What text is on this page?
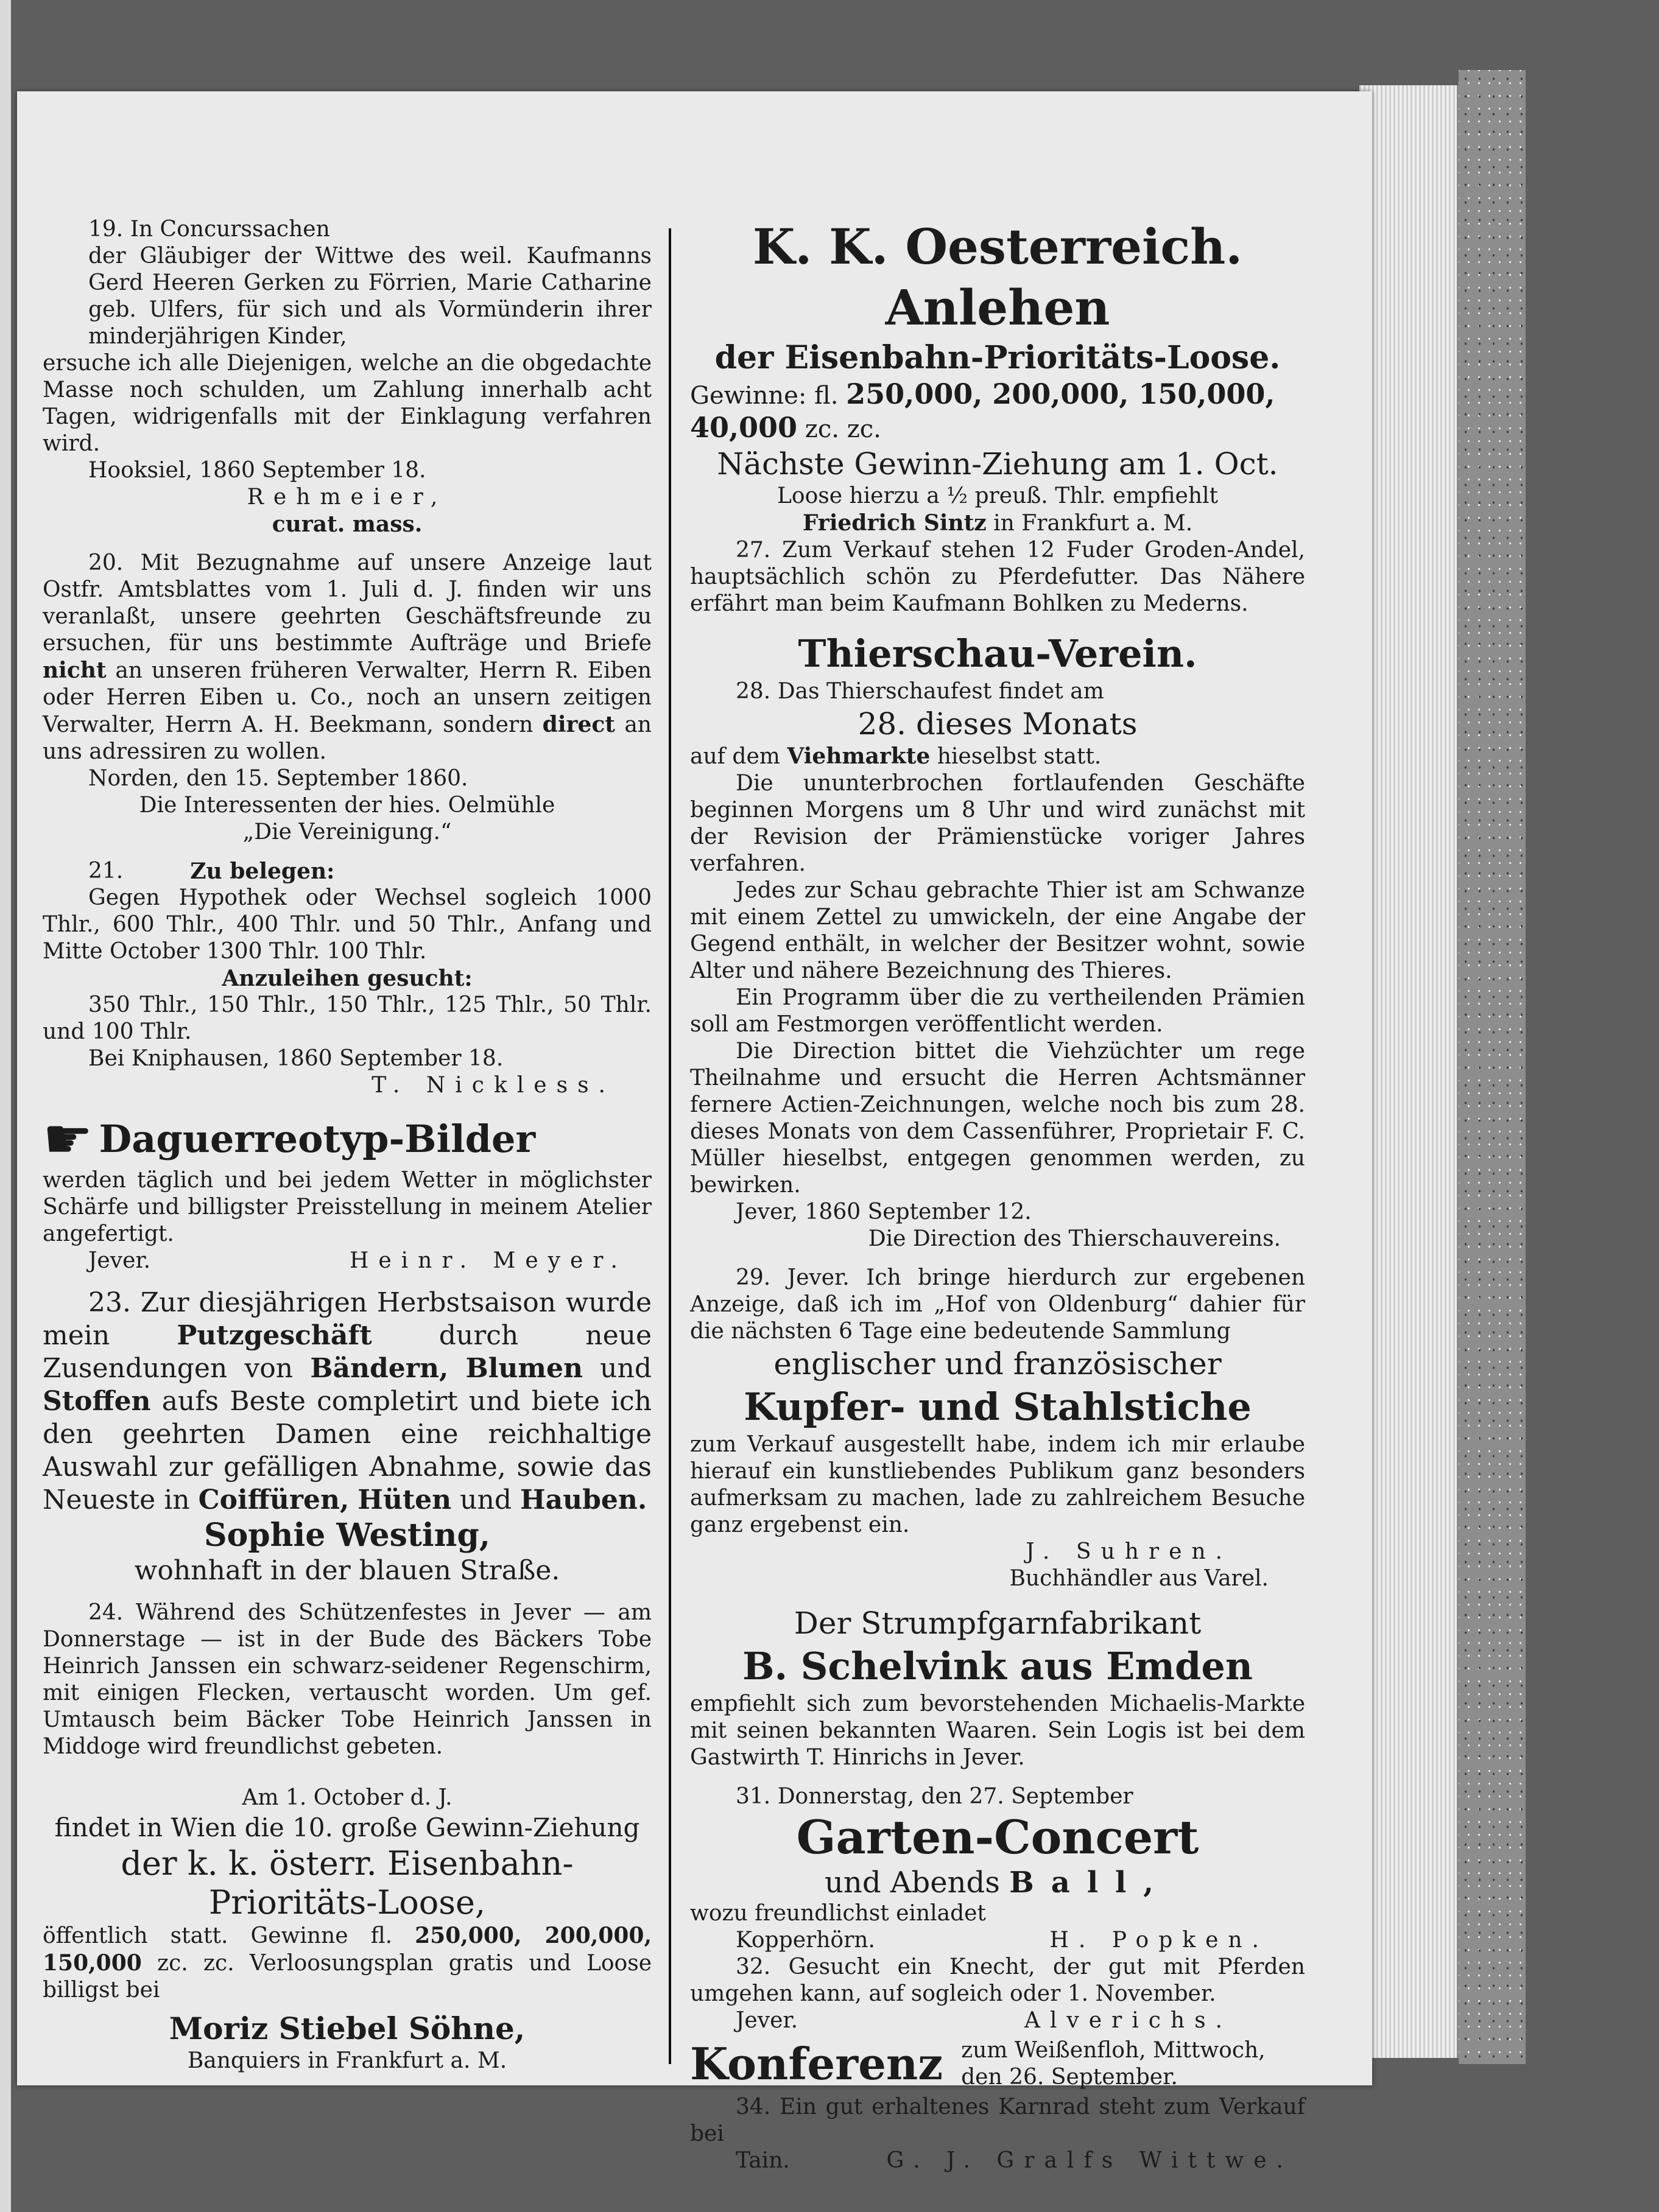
19. In Concurssachen

der Gläubiger der Wittwe des weil. Kaufmanns Gerd Heeren Gerken zu Förrien, Marie Catharine geb. Ulfers, für sich und als Vormünderin ihrer minderjährigen Kinder,

ersuche ich alle Diejenigen, welche an die obgedachte Masse noch schulden, um Zahlung innerhalb acht Tagen, widrigenfalls mit der Einklagung verfahren wird.

Hooksiel, 1860 September 18.

Rehmeier,

curat. mass.

20. Mit Bezugnahme auf unsere Anzeige laut Ostfr. Amtsblattes vom 1. Juli d. J. finden wir uns veranlaßt, unsere geehrten Geschäftsfreunde zu ersuchen, für uns bestimmte Aufträge und Briefe nicht an unseren früheren Verwalter, Herrn R. Eiben oder Herren Eiben u. Co., noch an unsern zeitigen Verwalter, Herrn A. H. Beekmann, sondern direct an uns adressiren zu wollen.

Norden, den 15. September 1860.

Die Interessenten der hies. Oelmühle

„Die Vereinigung.“

21.	Zu belegen:

Gegen Hypothek oder Wechsel sogleich 1000 Thlr., 600 Thlr., 400 Thlr. und 50 Thlr., Anfang und Mitte October 1300 Thlr. 100 Thlr.

Anzuleihen gesucht:

350 Thlr., 150 Thlr., 150 Thlr., 125 Thlr., 50 Thlr. und 100 Thlr.

Bei Kniphausen, 1860 September 18.

T. Nickless.

☛ Daguerreotyp-Bilder

werden täglich und bei jedem Wetter in möglichster Schärfe und billigster Preisstellung in meinem Atelier angefertigt.

Jever.	Heinr. Meyer.

23. Zur diesjährigen Herbstsaison wurde mein	Putzgeschäft	durch neue Zusendungen von Bändern, Blumen und Stoffen aufs Beste completirt und biete ich den geehrten Damen eine reichhaltige Auswahl zur gefälligen Abnahme, sowie das Neueste in Coiffüren, Hüten und Hauben.

Sophie Westing,

wohnhaft in der blauen Straße.

24. Während des Schützenfestes in Jever — am Donnerstage — ist in der Bude des Bäckers Tobe Heinrich Janssen ein schwarz-seidener Regenschirm, mit einigen Flecken, vertauscht worden. Um gef. Umtausch beim Bäcker Tobe Heinrich Janssen in Middoge wird freundlichst gebeten.

Am 1. October d. J.

findet in Wien die 10. große Gewinn-Ziehung

der k. k. österr. Eisenbahn-Prioritäts-Loose,

öffentlich statt. Gewinne fl. 250,000, 200,000, 150,000 zc. zc. Verloosungsplan gratis und Loose billigst bei

Moriz Stiebel Söhne,

Banquiers in Frankfurt a. M.

K. K. Oesterreich. Anlehen

der Eisenbahn-Prioritäts-Loose.

Gewinne: fl. 250,000, 200,000, 150,000, 40,000 zc. zc.

Nächste Gewinn-Ziehung am 1. Oct.

Loose hierzu a ½ preuß. Thlr. empfiehlt

Friedrich Sintz in Frankfurt a. M.

27. Zum Verkauf stehen 12 Fuder Groden-Andel, hauptsächlich schön zu Pferdefutter. Das Nähere erfährt man beim Kaufmann Bohlken zu Mederns.

Thierschau-Verein.

28. Das Thierschaufest findet am

28. dieses Monats

auf dem Viehmarkte hieselbst statt.

Die ununterbrochen fortlaufenden Geschäfte beginnen Morgens um 8 Uhr und wird zunächst mit der Revision der Prämienstücke voriger Jahres verfahren.

Jedes zur Schau gebrachte Thier ist am Schwanze mit einem Zettel zu umwickeln, der eine Angabe der Gegend enthält, in welcher der Besitzer wohnt, sowie Alter und nähere Bezeichnung des Thieres.

Ein Programm über die zu vertheilenden Prämien soll am Festmorgen veröffentlicht werden.

Die Direction bittet die Viehzüchter um rege Theilnahme und ersucht die Herren Achtsmänner fernere Actien-Zeichnungen, welche noch bis zum 28. dieses Monats von dem Cassenführer, Proprietair F. C. Müller hieselbst, entgegen genommen werden, zu bewirken.

Jever, 1860 September 12.

Die Direction des Thierschauvereins.

29. Jever. Ich bringe hierdurch zur ergebenen Anzeige, daß ich im „Hof von Oldenburg“ dahier für die nächsten 6 Tage eine bedeutende Sammlung

englischer und französischer

Kupfer- und Stahlstiche

zum Verkauf ausgestellt habe, indem ich mir erlaube hierauf ein kunstliebendes Publikum ganz besonders aufmerksam zu machen, lade zu zahlreichem Besuche ganz ergebenst ein.

J. Suhren.

Buchhändler aus Varel.

Der Strumpfgarnfabrikant

B. Schelvink aus Emden

empfiehlt sich zum bevorstehenden Michaelis-Markte mit seinen bekannten Waaren. Sein Logis ist bei dem Gastwirth T. Hinrichs in Jever.

31. Donnerstag, den 27. September

Garten-Concert

und Abends Ball,

wozu freundlichst einladet

Kopperhörn.	H. Popken.

32. Gesucht ein Knecht, der gut mit Pferden umgehen kann, auf sogleich oder 1. November.

Jever.	Alverichs.

Konferenz zum Weißenfloh, Mittwoch,

den 26. September.

34. Ein gut erhaltenes Karnrad steht zum Verkauf bei

Tain.	G. J. Gralfs Wittwe.
